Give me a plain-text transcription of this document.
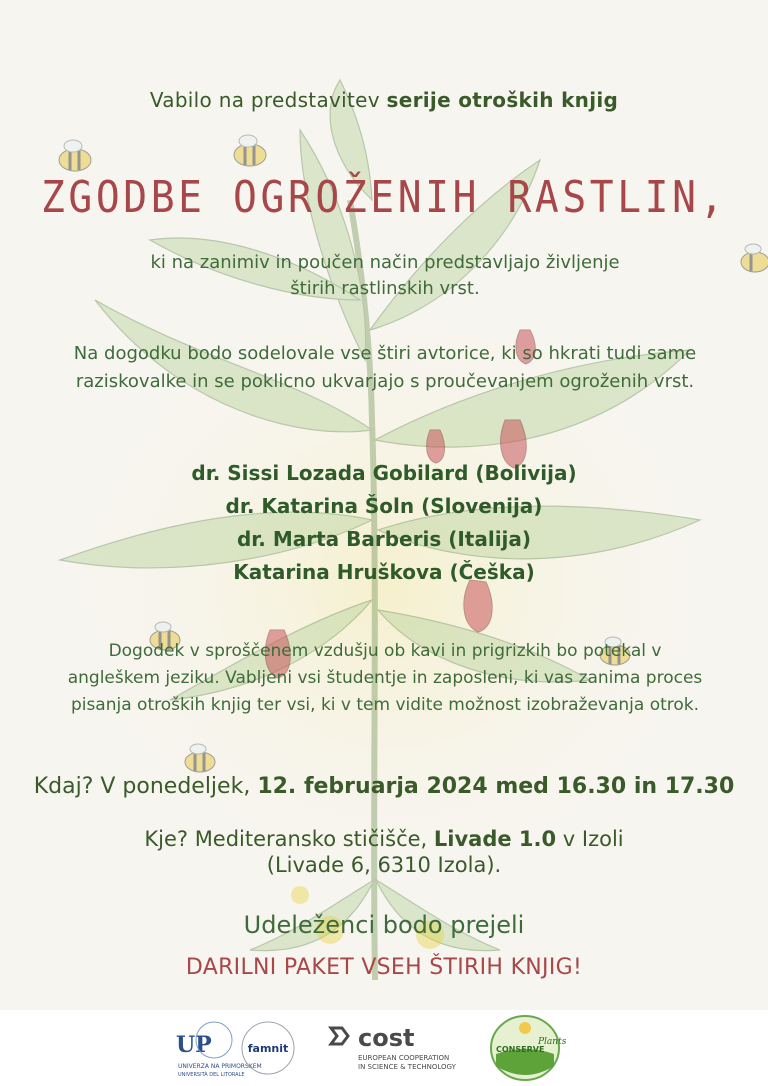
Vabilo na predstavitev serije otroških knjig
ZGODBE OGROŽENIH RASTLIN,
ki na zanimiv in poučen način predstavljajo življenje štirih rastlinskih vrst.
Na dogodku bodo sodelovale vse štiri avtorice, ki so hkrati tudi same raziskovalke in se poklicno ukvarjajo s proučevanjem ogroženih vrst.
dr. Sissi Lozada Gobilard (Bolivija)
dr. Katarina Šoln (Slovenija)
dr. Marta Barberis (Italija)
Katarina Hruškova (Češka)
Dogodek v sproščenem vzdušju ob kavi in prigrizkih bo potekal v angleškem jeziku. Vabljeni vsi študentje in zaposleni, ki vas zanima proces pisanja otroških knjig ter vsi, ki v tem vidite možnost izobraževanja otrok.
Kdaj? V ponedeljek, 12. februarja 2024 med 16.30 in 17.30
Kje? Mediteransko stičišče, Livade 1.0 v Izoli
(Livade 6, 6310 Izola).
Udeleženci bodo prejeli
DARILNI PAKET VSEH ŠTIRIH KNJIG!
UP
UNIVERZA NA PRIMORSKEM
UNIVERSITÀ DEL LITORALE
famnit	cost
EUROPEAN COOPERATION
IN SCIENCE & TECHNOLOGY
CONSERVE
Plants
